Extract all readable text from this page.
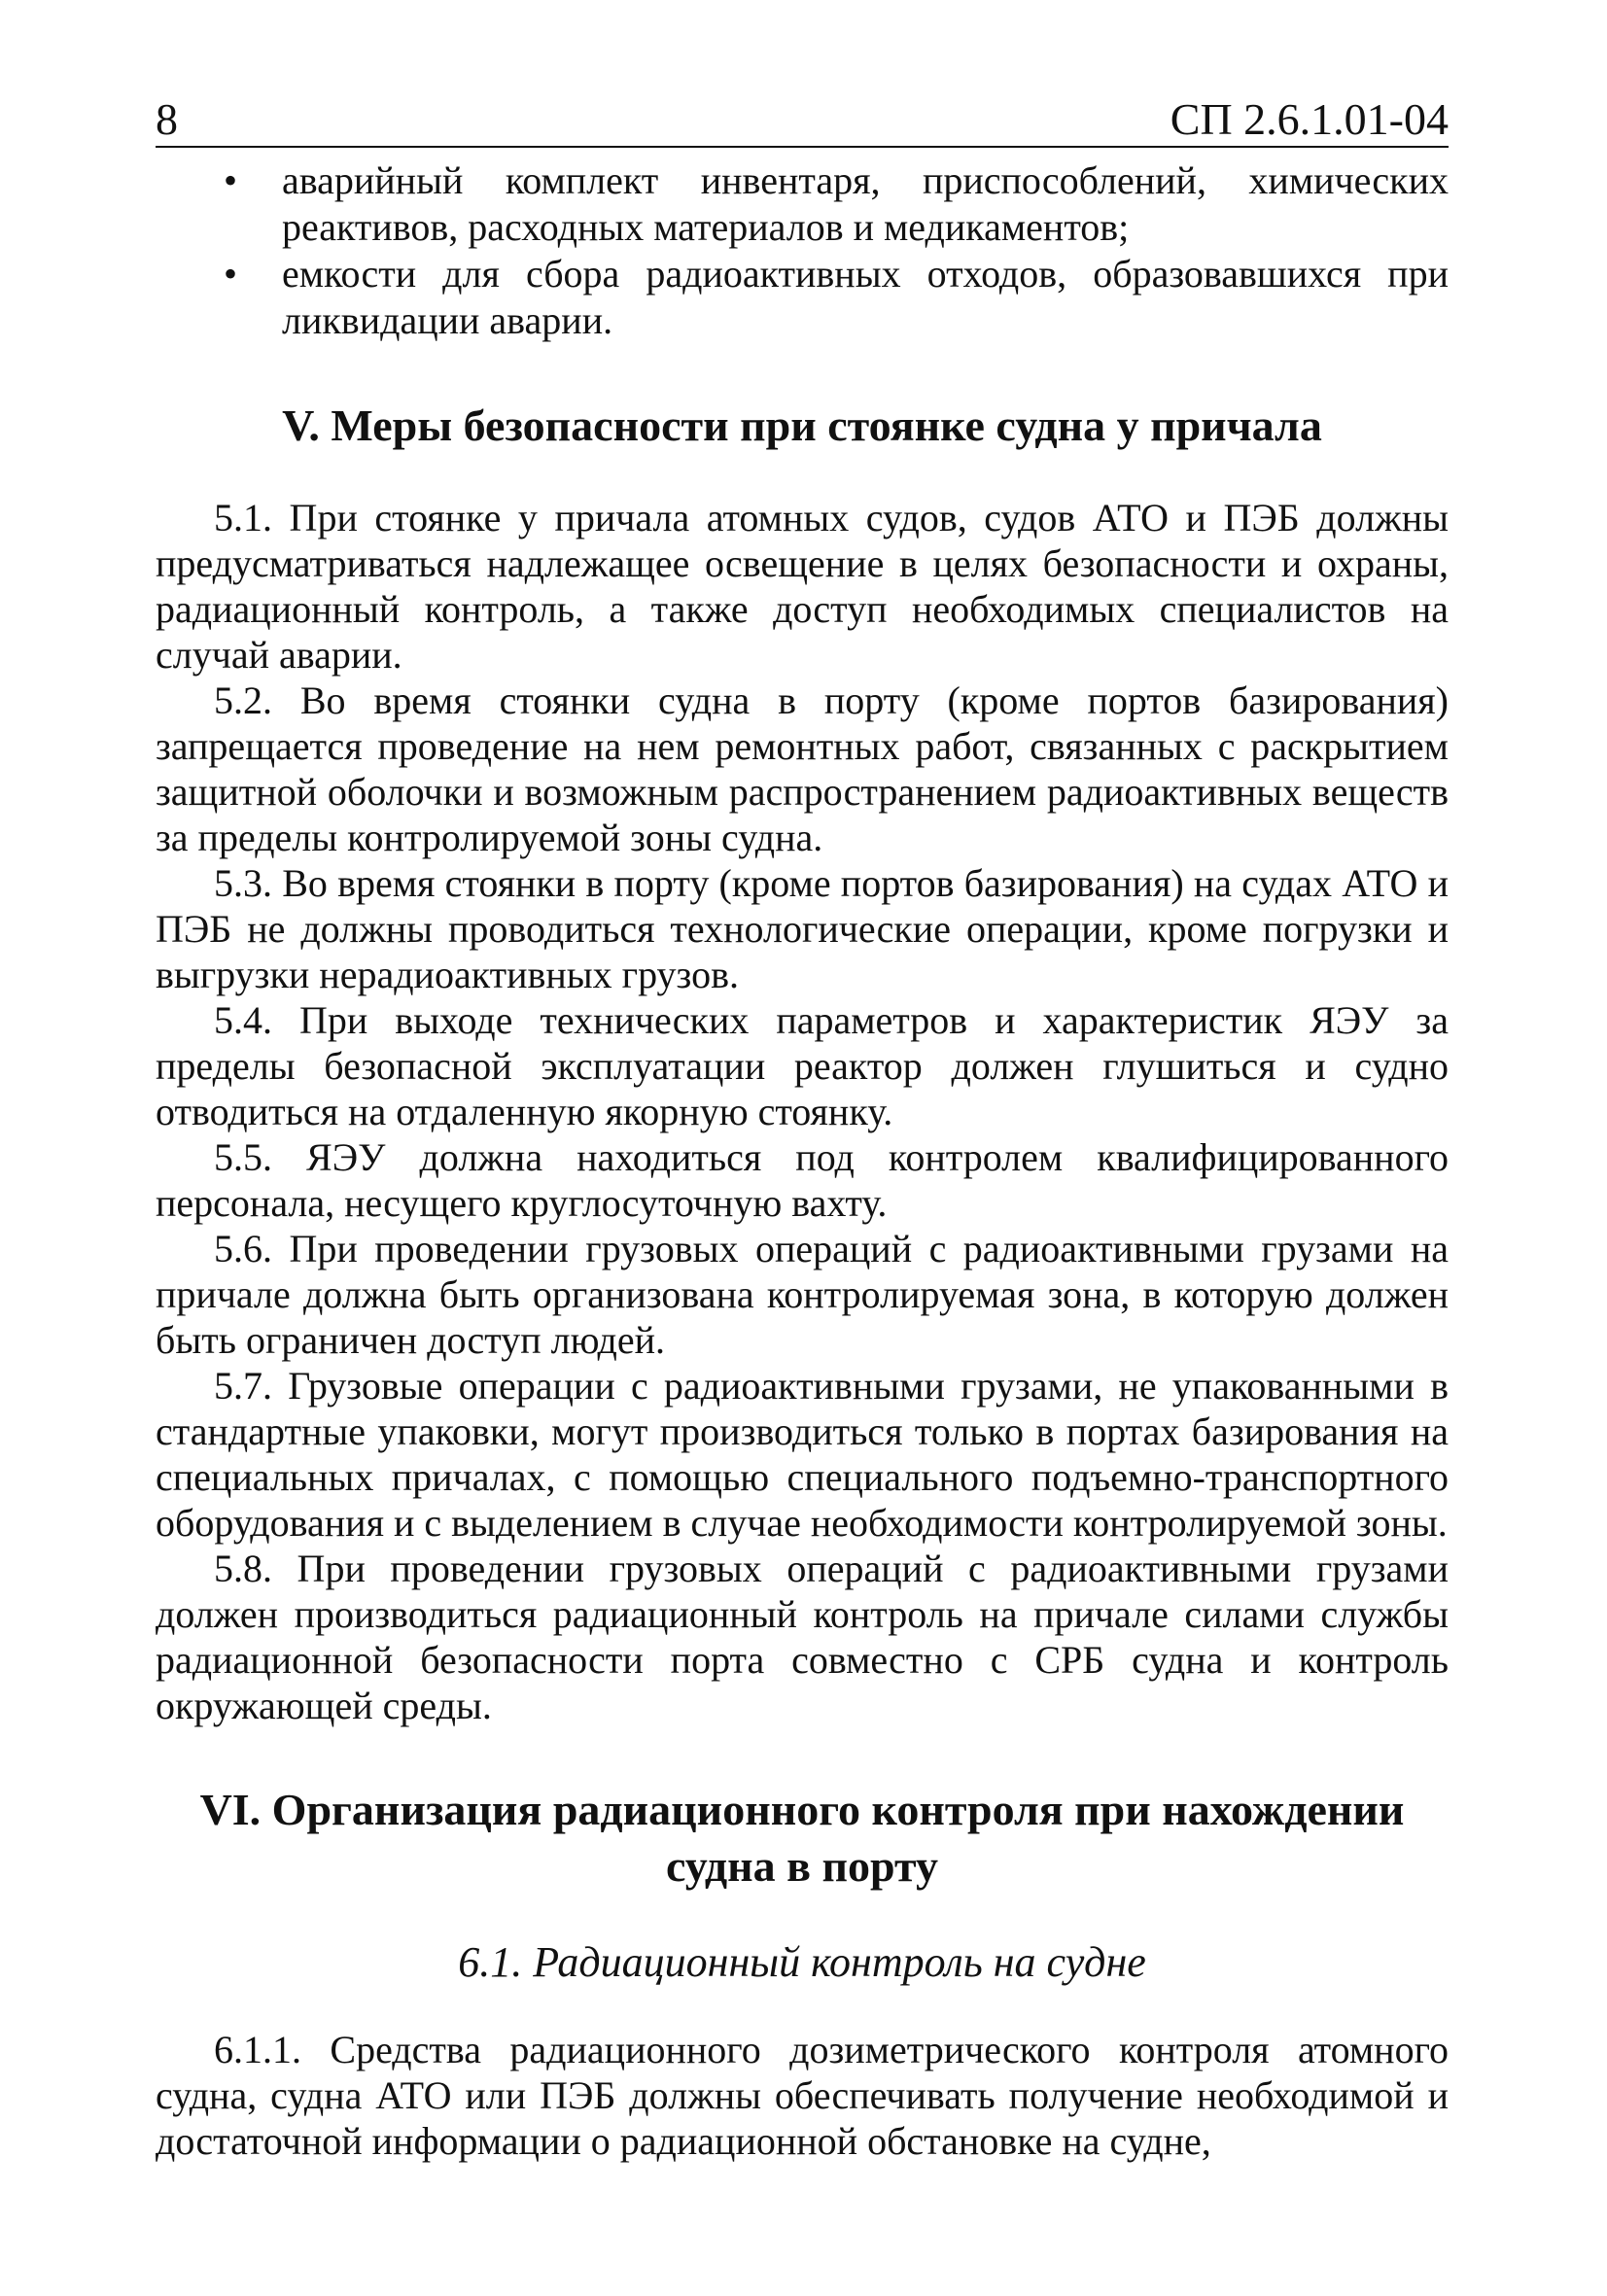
8	СП 2.6.1.01-04
• аварийный комплект инвентаря, приспособлений, химических реактивов, расходных материалов и медикаментов;
• емкости для сбора радиоактивных отходов, образовавшихся при ликвидации аварии.
V. Меры безопасности при стоянке судна у причала

5.1. При стоянке у причала атомных судов, судов АТО и ПЭБ должны предусматриваться надлежащее освещение в целях безопасности и охраны, радиационный контроль, а также доступ необходимых специалистов на случай аварии.

5.2. Во время стоянки судна в порту (кроме портов базирования) запрещается проведение на нем ремонтных работ, связанных с раскрытием защитной оболочки и возможным распространением радиоактивных веществ за пределы контролируемой зоны судна.

5.3. Во время стоянки в порту (кроме портов базирования) на судах АТО и ПЭБ не должны проводиться технологические операции, кроме погрузки и выгрузки нерадиоактивных грузов.

5.4. При выходе технических параметров и характеристик ЯЭУ за пределы безопасной эксплуатации реактор должен глушиться и судно отводиться на отдаленную якорную стоянку.

5.5. ЯЭУ должна находиться под контролем квалифицированного персонала, несущего круглосуточную вахту.

5.6. При проведении грузовых операций с радиоактивными грузами на причале должна быть организована контролируемая зона, в которую должен быть ограничен доступ людей.

5.7. Грузовые операции с радиоактивными грузами, не упакованными в стандартные упаковки, могут производиться только в портах базирования на специальных причалах, с помощью специального подъемно-транспортного оборудования и с выделением в случае необходимости контролируемой зоны.

5.8. При проведении грузовых операций с радиоактивными грузами должен производиться радиационный контроль на причале силами службы радиационной безопасности порта совместно с СРБ судна и контроль окружающей среды.

VI. Организация радиационного контроля при нахождении судна в порту
6.1. Радиационный контроль на судне

6.1.1. Средства радиационного дозиметрического контроля атомного судна, судна АТО или ПЭБ должны обеспечивать получение необходимой и достаточной информации о радиационной обстановке на судне,
